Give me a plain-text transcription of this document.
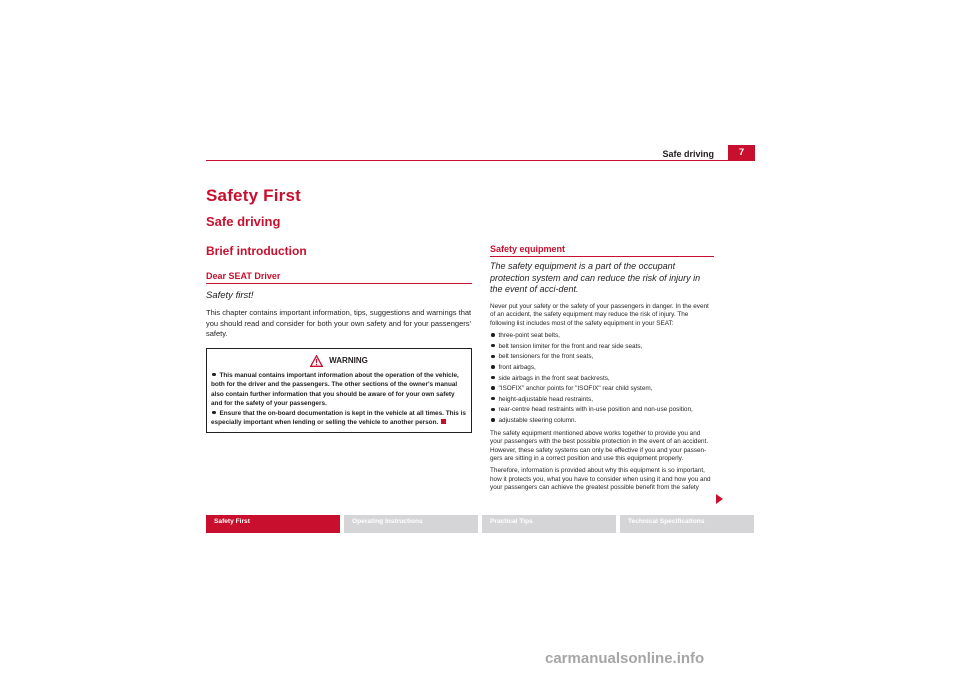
Safe driving	7
Safety First
Safe driving
Brief introduction
Dear SEAT Driver
Safety first!

This chapter contains important information, tips, suggestions and warnings that you should read and consider for both your own safety and for your passengers' safety.

WARNING
This manual contains important information about the operation of the vehicle, both for the driver and the passengers. The other sections of the owner's manual also contain further information that you should be aware of for your own safety and for the safety of your passengers.
Ensure that the on-board documentation is kept in the vehicle at all times. This is especially important when lending or selling the vehicle to another person.
Safety equipment
The safety equipment is a part of the occupant protection system and can reduce the risk of injury in the event of acci-dent.

Never put your safety or the safety of your passengers in danger. In the event of an accident, the safety equipment may reduce the risk of injury. The following list includes most of the safety equipment in your SEAT:

three-point seat belts,
belt tension limiter for the front and rear side seats,
belt tensioners for the front seats,
front airbags,
side airbags in the front seat backrests,
"ISOFIX" anchor points for "ISOFIX" rear child system,
height-adjustable head restraints,
rear-centre head restraints with in-use position and non-use position,
adjustable steering column.

The safety equipment mentioned above works together to provide you and your passengers with the best possible protection in the event of an accident. However, these safety systems can only be effective if you and your passen-gers are sitting in a correct position and use this equipment properly.

Therefore, information is provided about why this equipment is so important, how it protects you, what you have to consider when using it and how you and your passengers can achieve the greatest possible benefit from the safety

Safety First	Operating Instructions	Practical Tips	Technical Specifications
carmanualsonline.info
